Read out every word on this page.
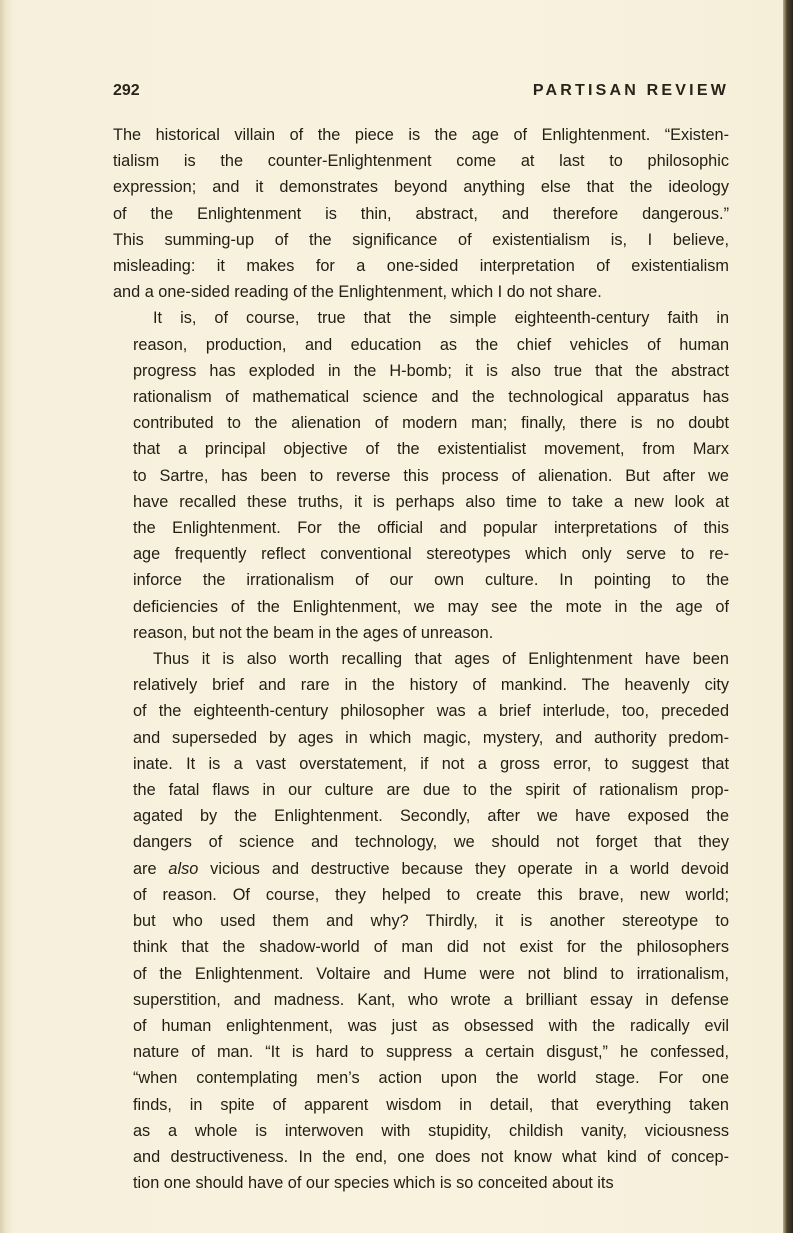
292	PARTISAN REVIEW

The historical villain of the piece is the age of Enlightenment. “Existen-
tialism is the counter-Enlightenment come at last to philosophic
expression; and it demonstrates beyond anything else that the ideology
of the Enlightenment is thin, abstract, and therefore dangerous.”
This summing-up of the significance of existentialism is, I believe,
misleading: it makes for a one-sided interpretation of existentialism
and a one-sided reading of the Enlightenment, which I do not share.

It is, of course, true that the simple eighteenth-century faith in
reason, production, and education as the chief vehicles of human
progress has exploded in the H-bomb; it is also true that the abstract
rationalism of mathematical science and the technological apparatus has
contributed to the alienation of modern man; finally, there is no doubt
that a principal objective of the existentialist movement, from Marx
to Sartre, has been to reverse this process of alienation. But after we
have recalled these truths, it is perhaps also time to take a new look at
the Enlightenment. For the official and popular interpretations of this
age frequently reflect conventional stereotypes which only serve to re-
inforce the irrationalism of our own culture. In pointing to the
deficiencies of the Enlightenment, we may see the mote in the age of
reason, but not the beam in the ages of unreason.

Thus it is also worth recalling that ages of Enlightenment have been
relatively brief and rare in the history of mankind. The heavenly city
of the eighteenth-century philosopher was a brief interlude, too, preceded
and superseded by ages in which magic, mystery, and authority predom-
inate. It is a vast overstatement, if not a gross error, to suggest that
the fatal flaws in our culture are due to the spirit of rationalism prop-
agated by the Enlightenment. Secondly, after we have exposed the
dangers of science and technology, we should not forget that they
are also vicious and destructive because they operate in a world devoid
of reason. Of course, they helped to create this brave, new world;
but who used them and why? Thirdly, it is another stereotype to
think that the shadow-world of man did not exist for the philosophers
of the Enlightenment. Voltaire and Hume were not blind to irrationalism,
superstition, and madness. Kant, who wrote a brilliant essay in defense
of human enlightenment, was just as obsessed with the radically evil
nature of man. “It is hard to suppress a certain disgust,” he confessed,
“when contemplating men’s action upon the world stage. For one
finds, in spite of apparent wisdom in detail, that everything taken
as a whole is interwoven with stupidity, childish vanity, viciousness
and destructiveness. In the end, one does not know what kind of concep-
tion one should have of our species which is so conceited about its
